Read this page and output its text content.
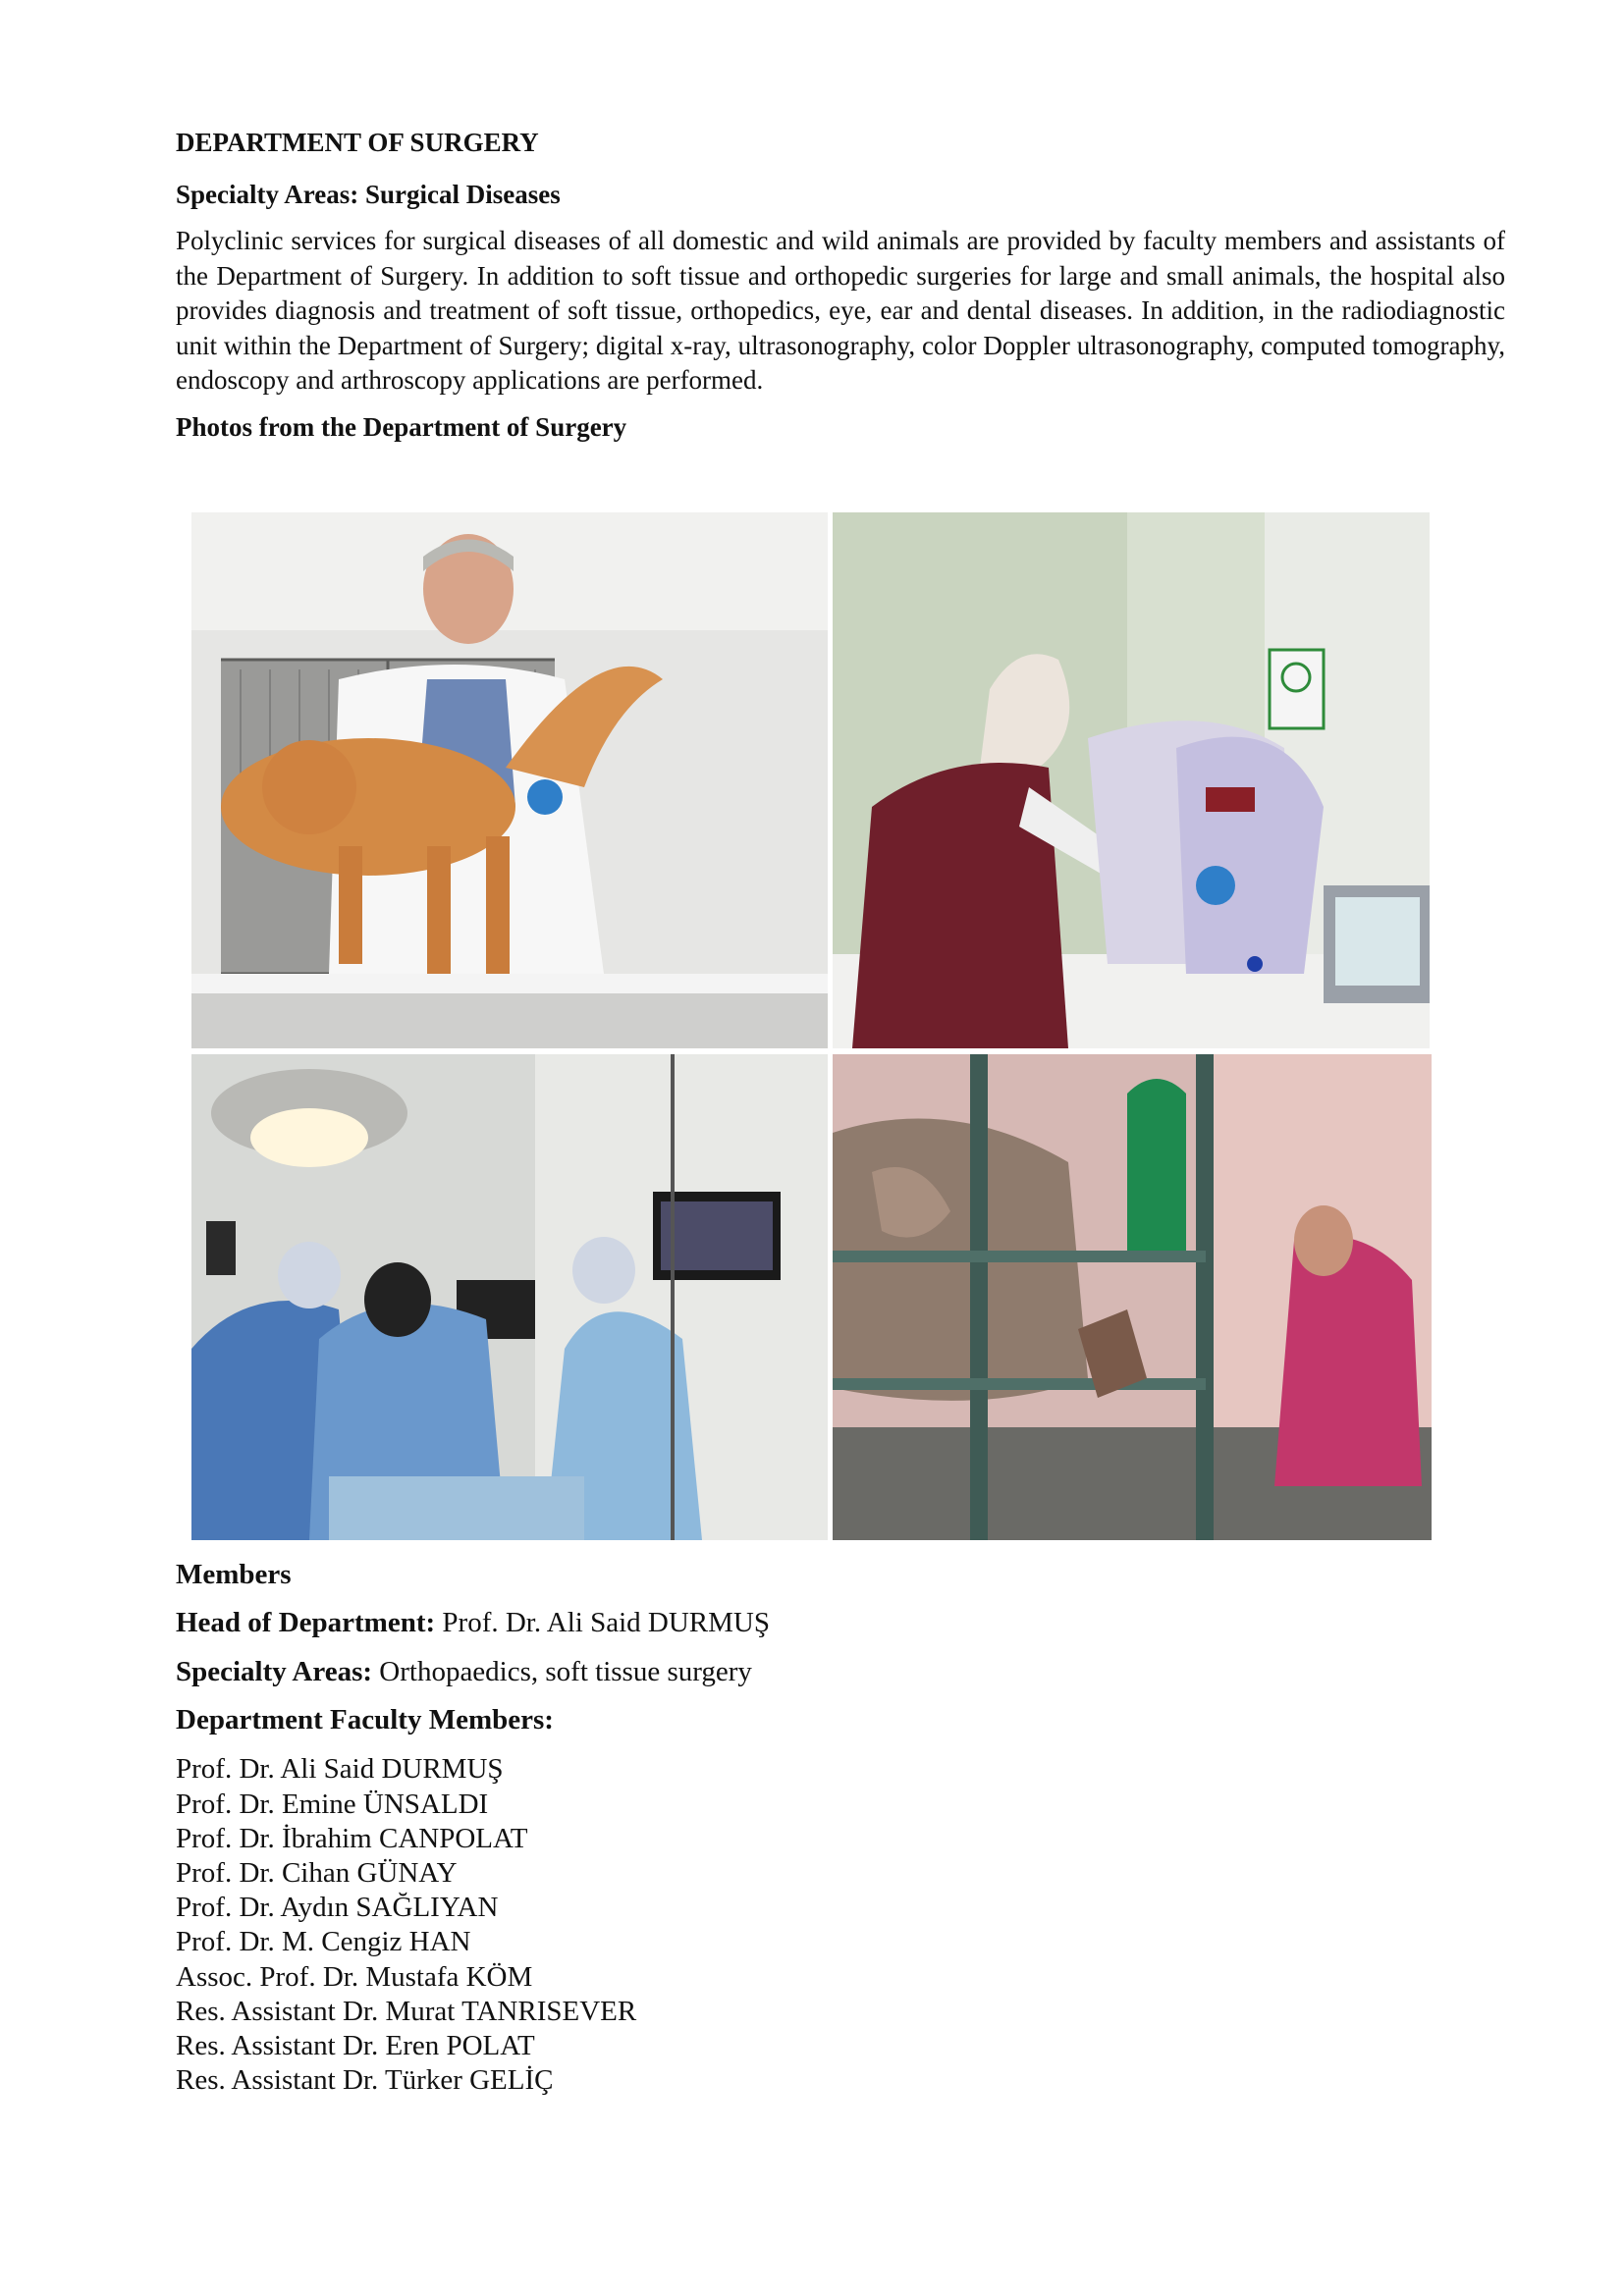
DEPARTMENT OF SURGERY
Specialty Areas: Surgical Diseases
Polyclinic services for surgical diseases of all domestic and wild animals are provided by faculty members and assistants of the Department of Surgery. In addition to soft tissue and orthopedic surgeries for large and small animals, the hospital also provides diagnosis and treatment of soft tissue, orthopedics, eye, ear and dental diseases. In addition, in the radiodiagnostic unit within the Department of Surgery; digital x-ray, ultrasonography, color Doppler ultrasonography, computed tomography, endoscopy and arthroscopy applications are performed.
Photos from the Department of Surgery
Members
Head of Department: Prof. Dr. Ali Said DURMUŞ
Specialty Areas: Orthopaedics, soft tissue surgery
Department Faculty Members:
Prof. Dr. Ali Said DURMUŞ
Prof. Dr. Emine ÜNSALDI
Prof. Dr. İbrahim CANPOLAT
Prof. Dr. Cihan GÜNAY
Prof. Dr. Aydın SAĞLIYAN
Prof. Dr. M. Cengiz HAN
Assoc. Prof. Dr. Mustafa KÖM
Res. Assistant Dr. Murat TANRISEVER
Res. Assistant Dr. Eren POLAT
Res. Assistant Dr. Türker GELİÇ
